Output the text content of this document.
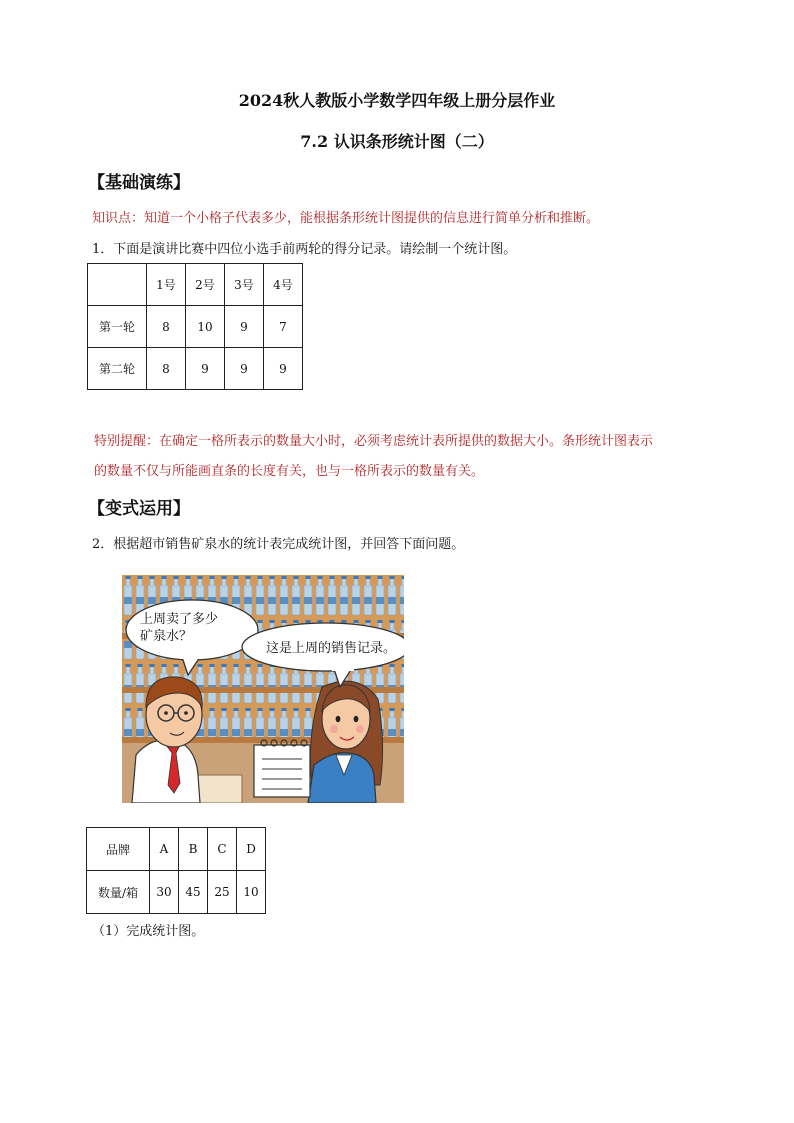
2024秋人教版小学数学四年级上册分层作业
7.2 认识条形统计图（二）
【基础演练】
知识点：知道一个小格子代表多少，能根据条形统计图提供的信息进行简单分析和推断。
1．下面是演讲比赛中四位小选手前两轮的得分记录。请绘制一个统计图。
	1号	2号	3号	4号
第一轮	8	10	9	7
第二轮	8	9	9	9
特别提醒：在确定一格所表示的数量大小时，必须考虑统计表所提供的数据大小。条形统计图表示
的数量不仅与所能画直条的长度有关，也与一格所表示的数量有关。
【变式运用】
2．根据超市销售矿泉水的统计表完成统计图，并回答下面问题。
上周卖了多少
矿泉水？
这是上周的销售记录。
品牌	A	B	C	D
数量/箱	30	45	25	10
（1）完成统计图。
